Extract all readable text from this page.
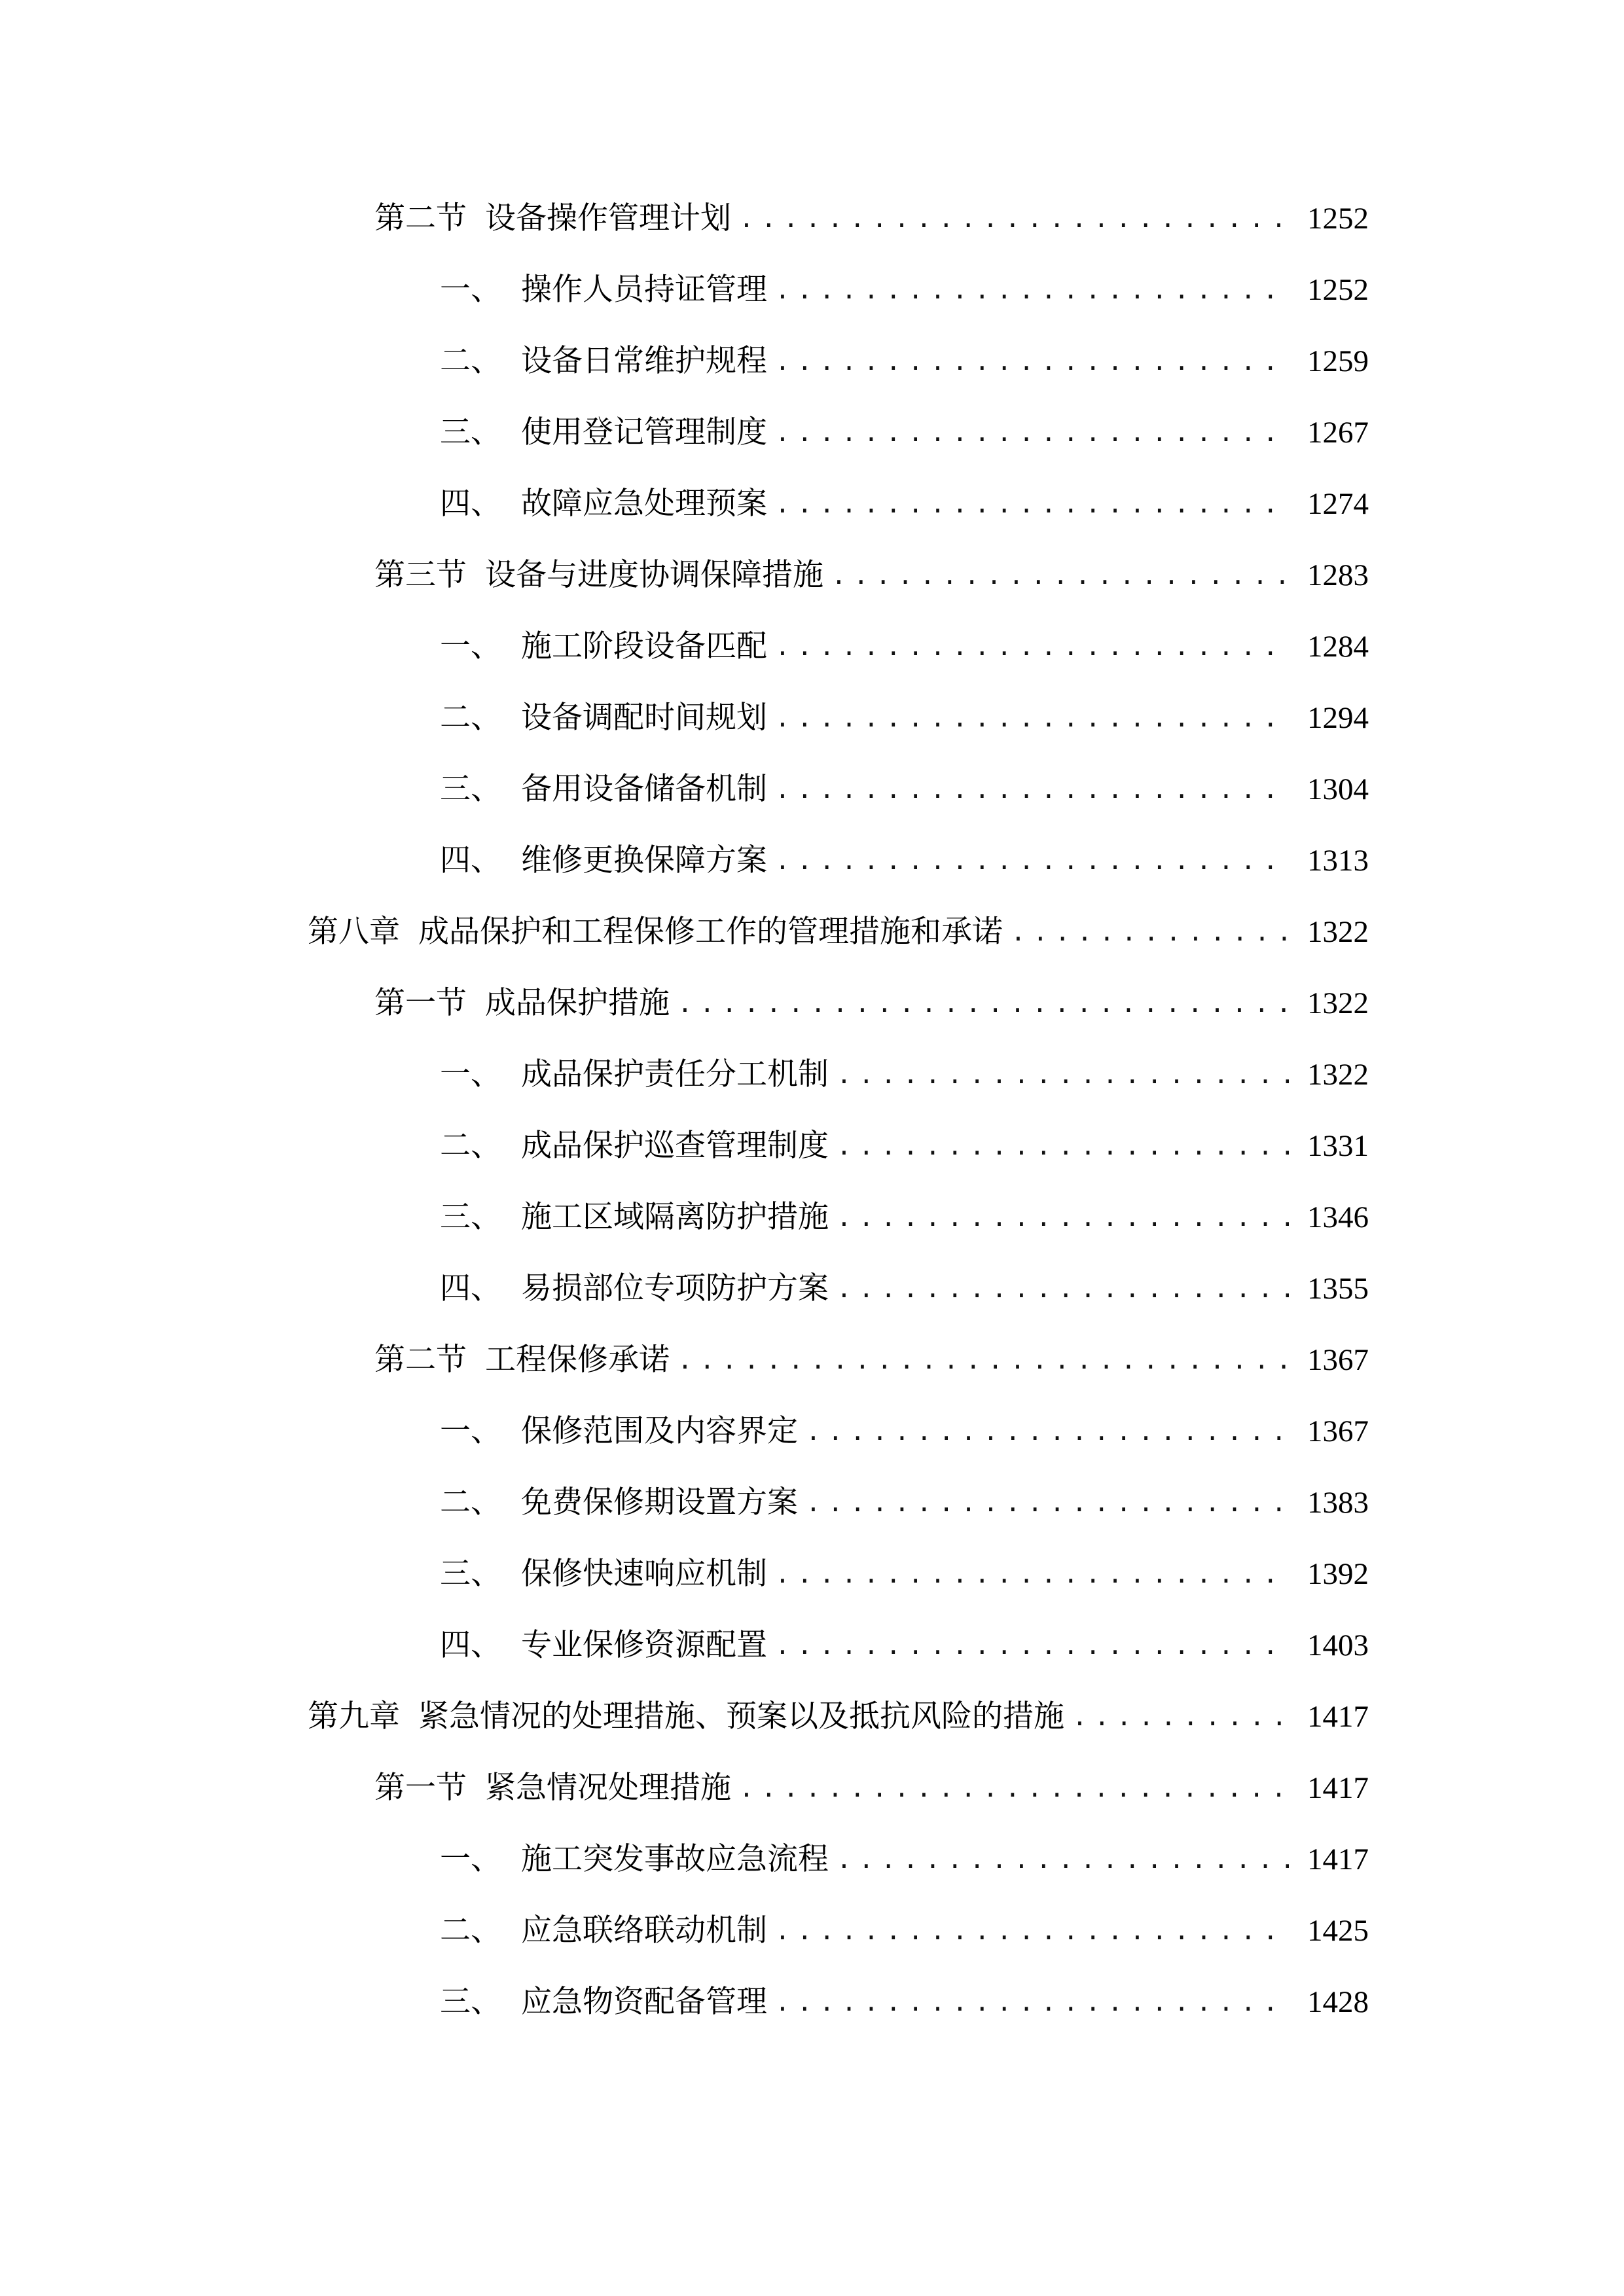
第二节 设备操作管理计划 .....	1252
一、 操作人员持证管理 .....	1252
二、 设备日常维护规程 .....	1259
三、 使用登记管理制度 .....	1267
四、 故障应急处理预案 .....	1274
第三节 设备与进度协调保障措施 .....	1283
一、 施工阶段设备匹配 .....	1284
二、 设备调配时间规划 .....	1294
三、 备用设备储备机制 .....	1304
四、 维修更换保障方案 .....	1313
第八章 成品保护和工程保修工作的管理措施和承诺 .....	1322
第一节 成品保护措施 .....	1322
一、 成品保护责任分工机制 .....	1322
二、 成品保护巡查管理制度 .....	1331
三、 施工区域隔离防护措施 .....	1346
四、 易损部位专项防护方案 .....	1355
第二节 工程保修承诺 .....	1367
一、 保修范围及内容界定 .....	1367
二、 免费保修期设置方案 .....	1383
三、 保修快速响应机制 .....	1392
四、 专业保修资源配置 .....	1403
第九章 紧急情况的处理措施、预案以及抵抗风险的措施 .....	1417
第一节 紧急情况处理措施 .....	1417
一、 施工突发事故应急流程 .....	1417
二、 应急联络联动机制 .....	1425
三、 应急物资配备管理 .....	1428
